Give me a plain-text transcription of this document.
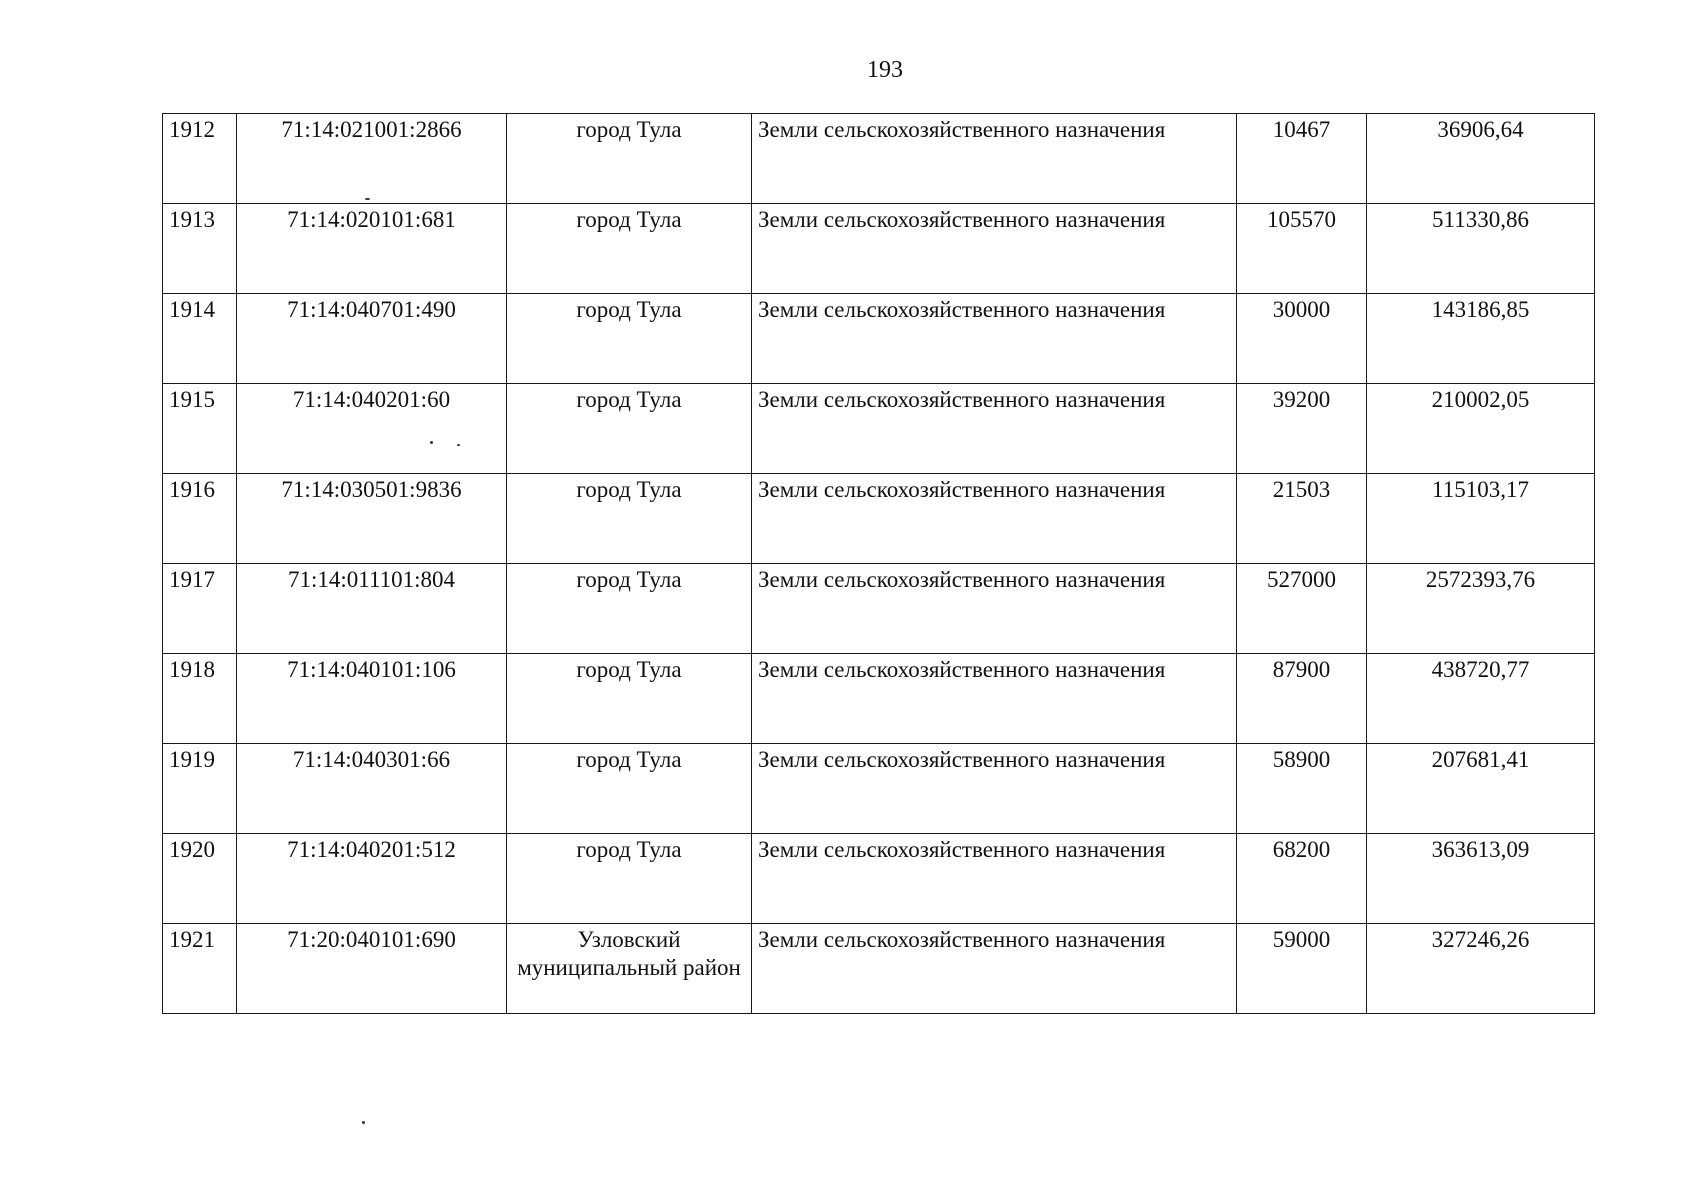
193
1912	71:14:021001:2866	город Тула	Земли сельскохозяйственного назначения	10467	36906,64
1913	71:14:020101:681	город Тула	Земли сельскохозяйственного назначения	105570	511330,86
1914	71:14:040701:490	город Тула	Земли сельскохозяйственного назначения	30000	143186,85
1915	71:14:040201:60	город Тула	Земли сельскохозяйственного назначения	39200	210002,05
1916	71:14:030501:9836	город Тула	Земли сельскохозяйственного назначения	21503	115103,17
1917	71:14:011101:804	город Тула	Земли сельскохозяйственного назначения	527000	2572393,76
1918	71:14:040101:106	город Тула	Земли сельскохозяйственного назначения	87900	438720,77
1919	71:14:040301:66	город Тула	Земли сельскохозяйственного назначения	58900	207681,41
1920	71:14:040201:512	город Тула	Земли сельскохозяйственного назначения	68200	363613,09
1921	71:20:040101:690	Узловский муниципальный район	Земли сельскохозяйственного назначения	59000	327246,26
